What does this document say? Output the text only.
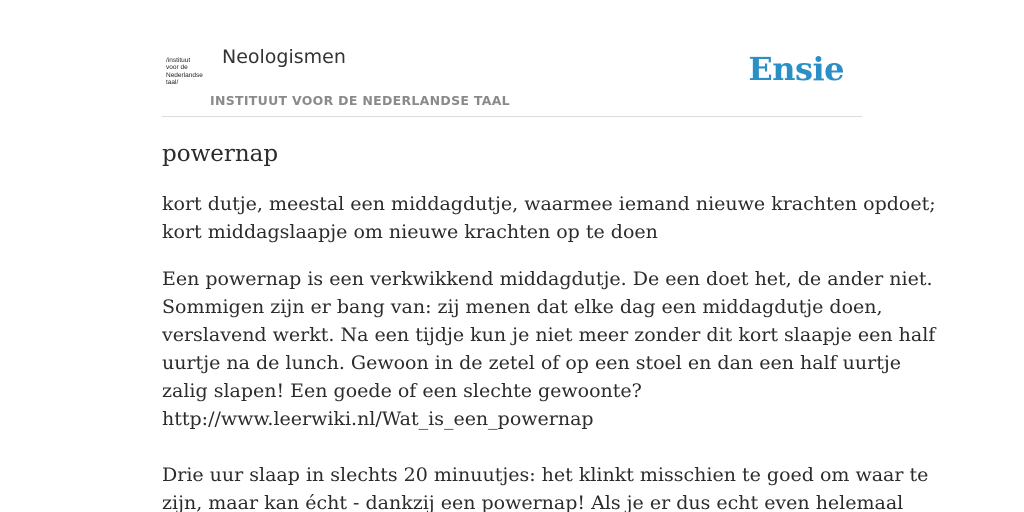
/instituut
voor de
Nederlandse
taal/
Neologismen
INSTITUUT VOOR DE NEDERLANDSE TAAL
Ensie
powernap

kort dutje, meestal een middagdutje, waarmee iemand nieuwe krachten opdoet;
kort middagslaapje om nieuwe krachten op te doen

Een powernap is een verkwikkend middagdutje. De een doet het, de ander niet.
Sommigen zijn er bang van: zij menen dat elke dag een middagdutje doen,
verslavend werkt. Na een tijdje kun je niet meer zonder dit kort slaapje een half
uurtje na de lunch. Gewoon in de zetel of op een stoel en dan een half uurtje
zalig slapen! Een goede of een slechte gewoonte?
http://www.leerwiki.nl/Wat_is_een_powernap
Drie uur slaap in slechts 20 minuutjes: het klinkt misschien te goed om waar te
zijn, maar kan écht - dankzij een powernap! Als je er dus echt even helemaal
